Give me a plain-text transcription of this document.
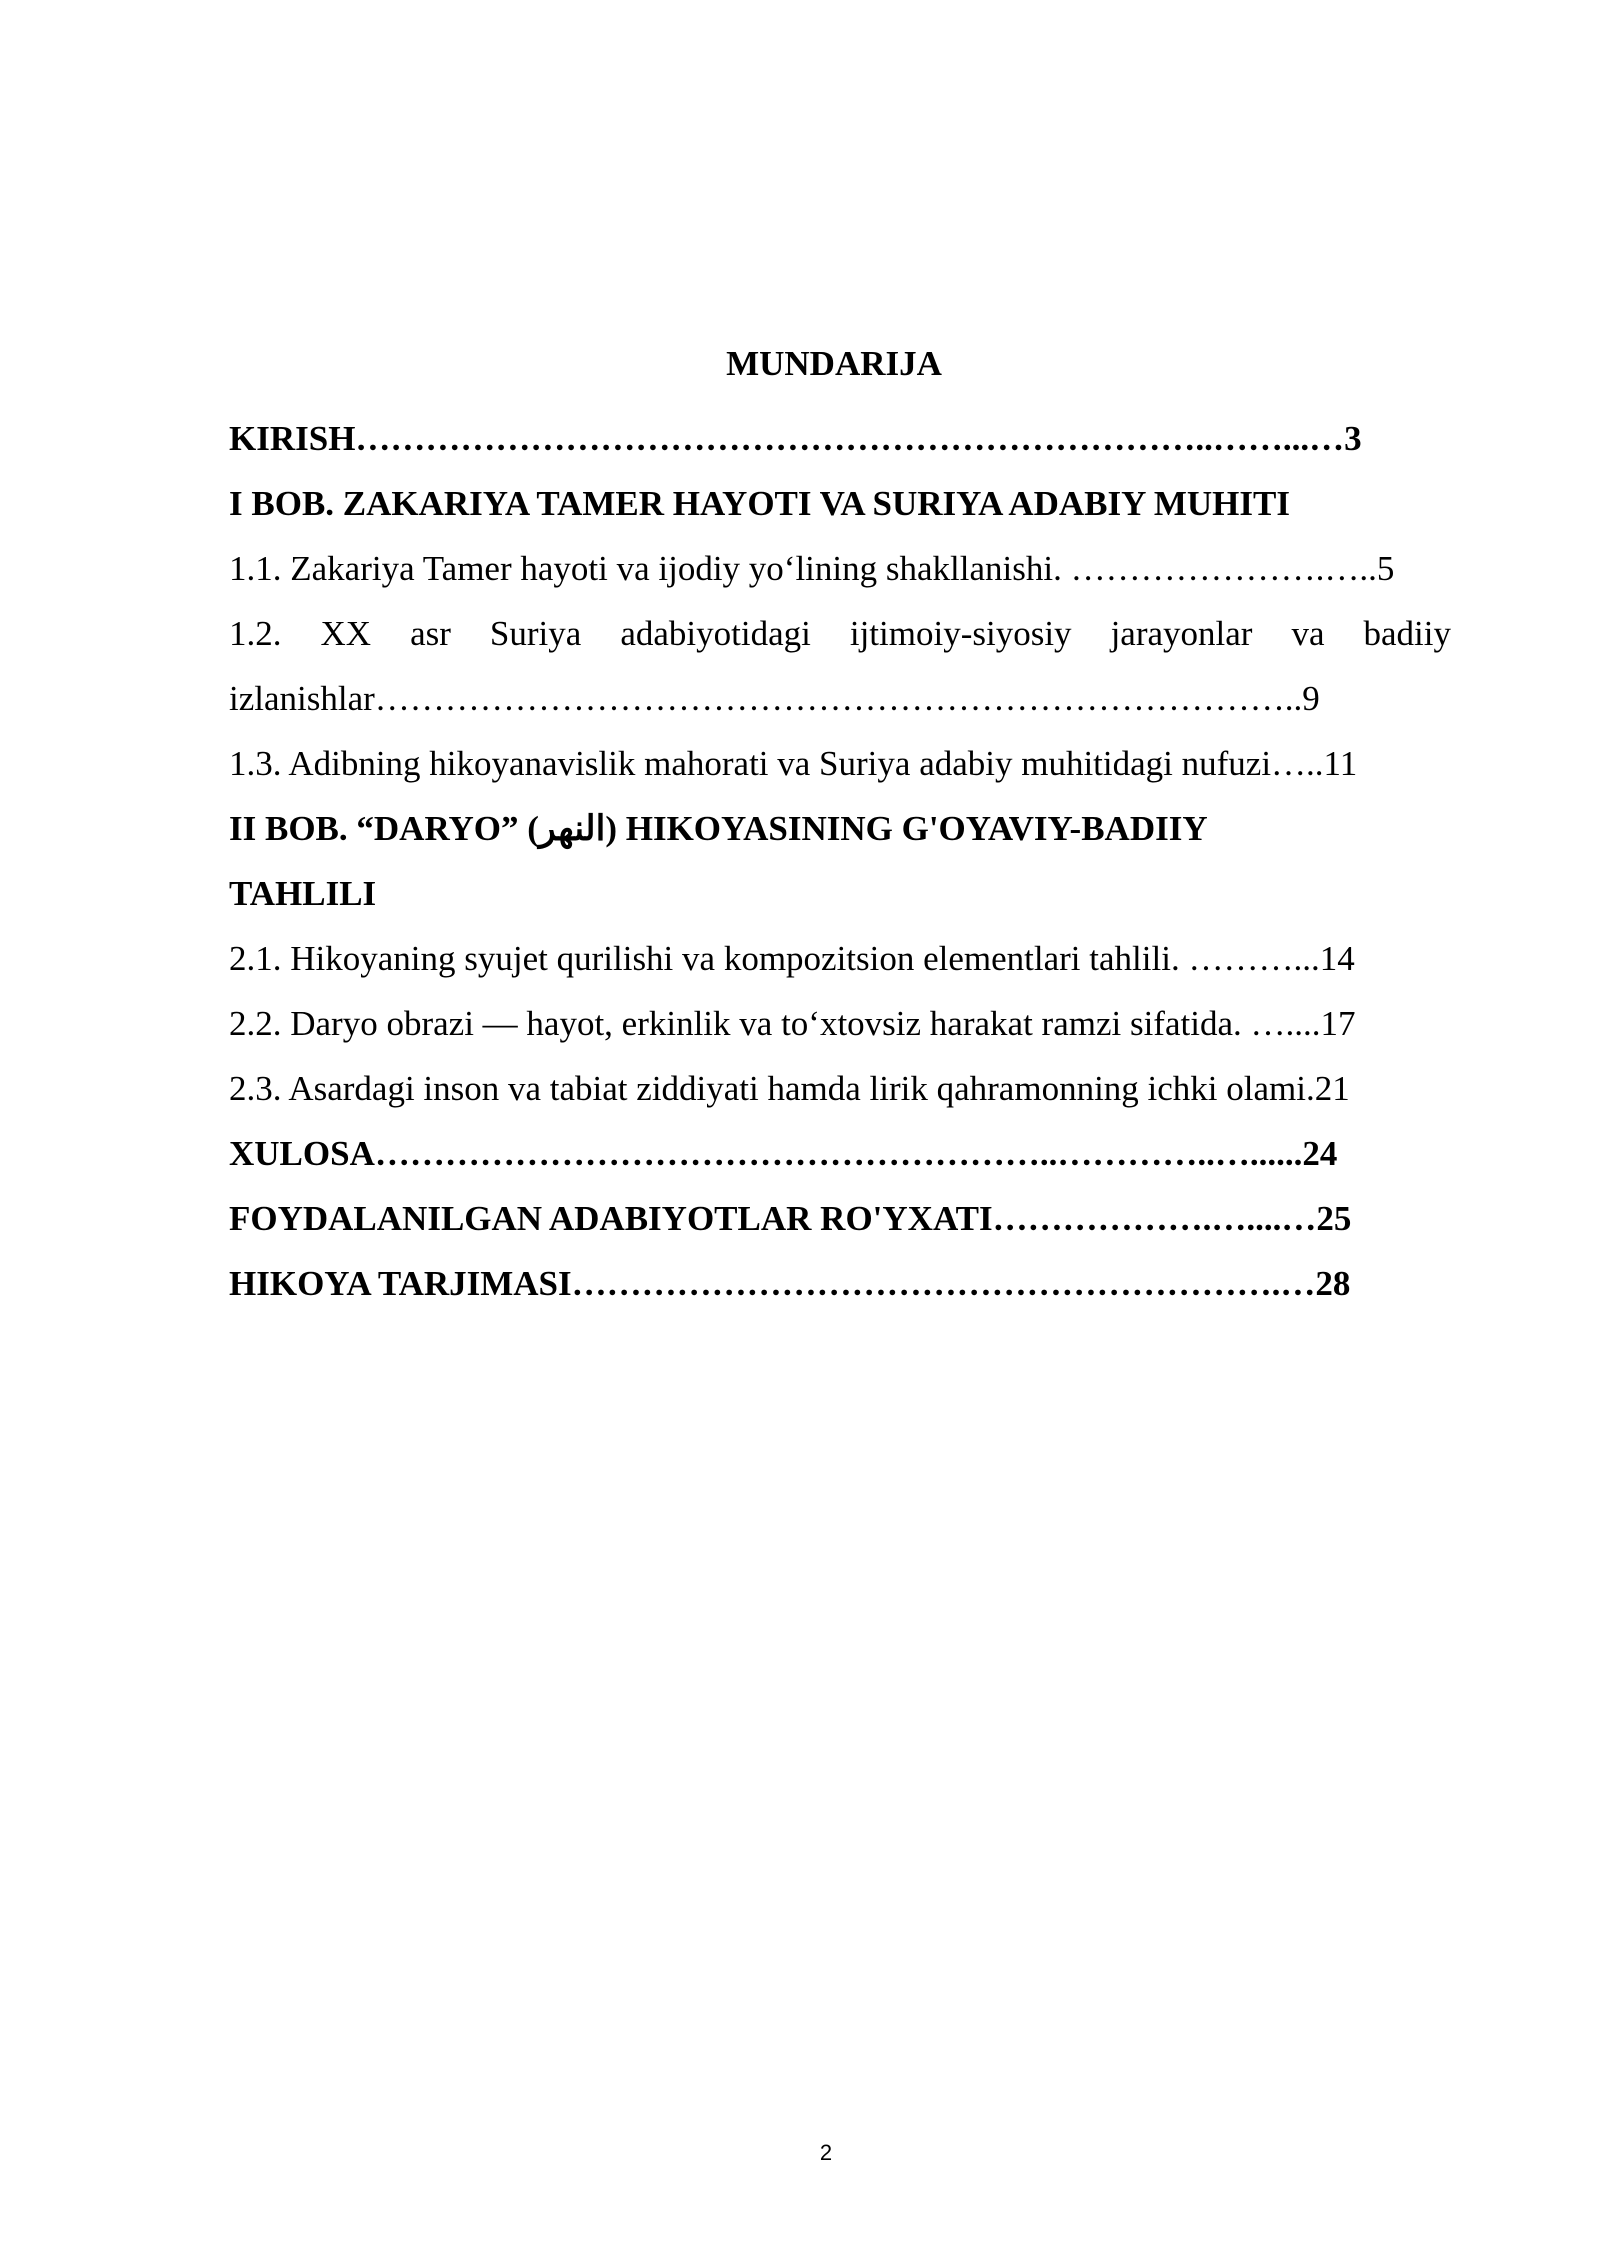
MUNDARIJA
KIRISH………………………………………………………………..……...…3
I BOB. ZAKARIYA TAMER HAYOTI VA SURIYA ADABIY MUHITI
1.1. Zakariya Tamer hayoti va ijodiy yo‘lining shakllanishi. ………………….…..5
1.2. XX asr Suriya adabiyotidagi ijtimoiy-siyosiy jarayonlar va badiiy
izlanishlar……………………………………………………………………..9
1.3. Adibning hikoyanavislik mahorati va Suriya adabiy muhitidagi nufuzi…..11
II BOB. “DARYO” (النهر) HIKOYASINING G'OYAVIY-BADIIY
TAHLILI
2.1. Hikoyaning syujet qurilishi va kompozitsion elementlari tahlili. ………...14
2.2. Daryo obrazi — hayot, erkinlik va to‘xtovsiz harakat ramzi sifatida. …....17
2.3. Asardagi inson va tabiat ziddiyati hamda lirik qahramonning ichki olami.21
XULOSA…………………………………………………..…………..…......24
FOYDALANILGAN ADABIYOTLAR RO'YXATI……………….…....…25
HIKOYA TARJIMASI…………………………………………………….…28
2
